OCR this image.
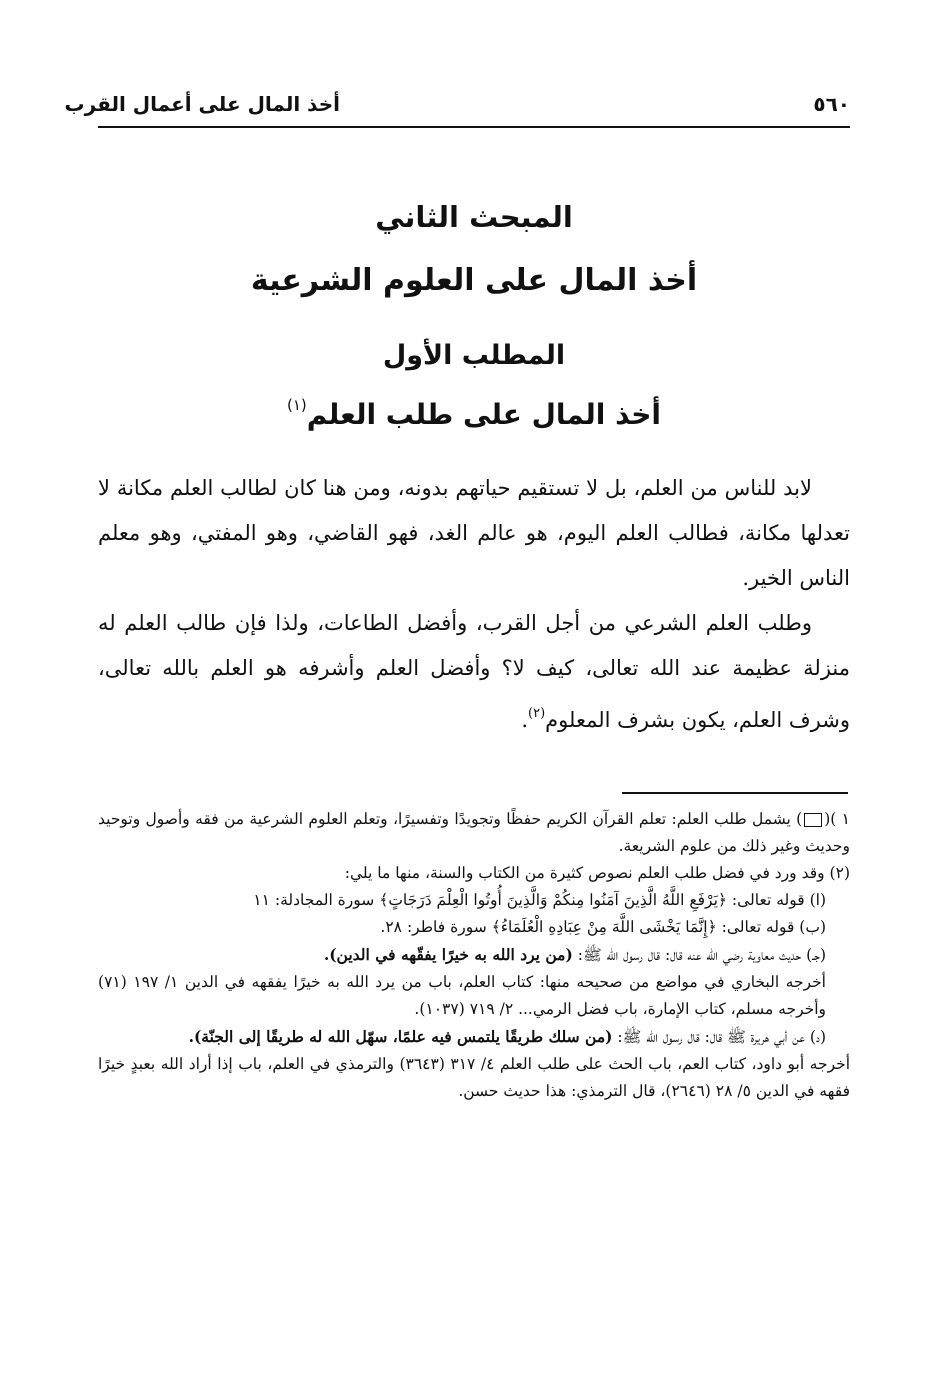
أخذ المال على أعمال القرب	٥٦٠
المبحث الثاني
أخذ المال على العلوم الشرعية
المطلب الأول
أخذ المال على طلب العلم$^{(١)}$

لابد للناس من العلم، بل لا تستقيم حياتهم بدونه، ومن هنا كان لطالب العلم مكانة لا تعدلها مكانة، فطالب العلم اليوم، هو عالم الغد، فهو القاضي، وهو المفتي، وهو معلم الناس الخير.

وطلب العلم الشرعي من أجل القرب، وأفضل الطاعات، ولذا فإن طالب العلم له منزلة عظيمة عند الله تعالى، كيف لا؟ وأفضل العلم وأشرفه هو العلم بالله تعالى، وشرف العلم، يكون بشرف المعلوم$^{(٢)}$.

١ )() يشمل طلب العلم: تعلم القرآن الكريم حفظًا وتجويدًا وتفسيرًا، وتعلم العلوم الشرعية من فقه وأصول وتوحيد وحديث وغير ذلك من علوم الشريعة.

(٢) وقد ورد في فضل طلب العلم نصوص كثيرة من الكتاب والسنة، منها ما يلي:

(ا) قوله تعالى: ﴿يَرْفَعِ اللَّهُ الَّذِينَ آمَنُوا مِنكُمْ وَالَّذِينَ أُوتُوا الْعِلْمَ دَرَجَاتٍ﴾ سورة المجادلة: ١١

(ب) قوله تعالى: ﴿إِنَّمَا يَخْشَى اللَّهَ مِنْ عِبَادِهِ الْعُلَمَاءُ﴾ سورة فاطر: ٢٨.

(جـ) حديث معاوية رضي الله عنه قال: قال رسول الله ﷺ: (من يرد الله به خيرًا يفقّهه في الدين).

أخرجه البخاري في مواضع من صحيحه منها: كتاب العلم، باب من يرد الله به خيرًا يفقهه في الدين ١/ ١٩٧ (٧١) وأخرجه مسلم، كتاب الإمارة، باب فضل الرمي... ٢/ ٧١٩ (١٠٣٧).

(د) عن أبي هريرة ﷺ قال: قال رسول الله ﷺ: (من سلك طريقًا يلتمس فيه علمًا، سهّل الله له طريقًا إلى الجنّة).

أخرجه أبو داود، كتاب العم، باب الحث على طلب العلم ٤/ ٣١٧ (٣٦٤٣) والترمذي في العلم، باب إذا أراد الله بعبدٍ خيرًا فقهه في الدين ٥/ ٢٨ (٢٦٤٦)، قال الترمذي: هذا حديث حسن.
